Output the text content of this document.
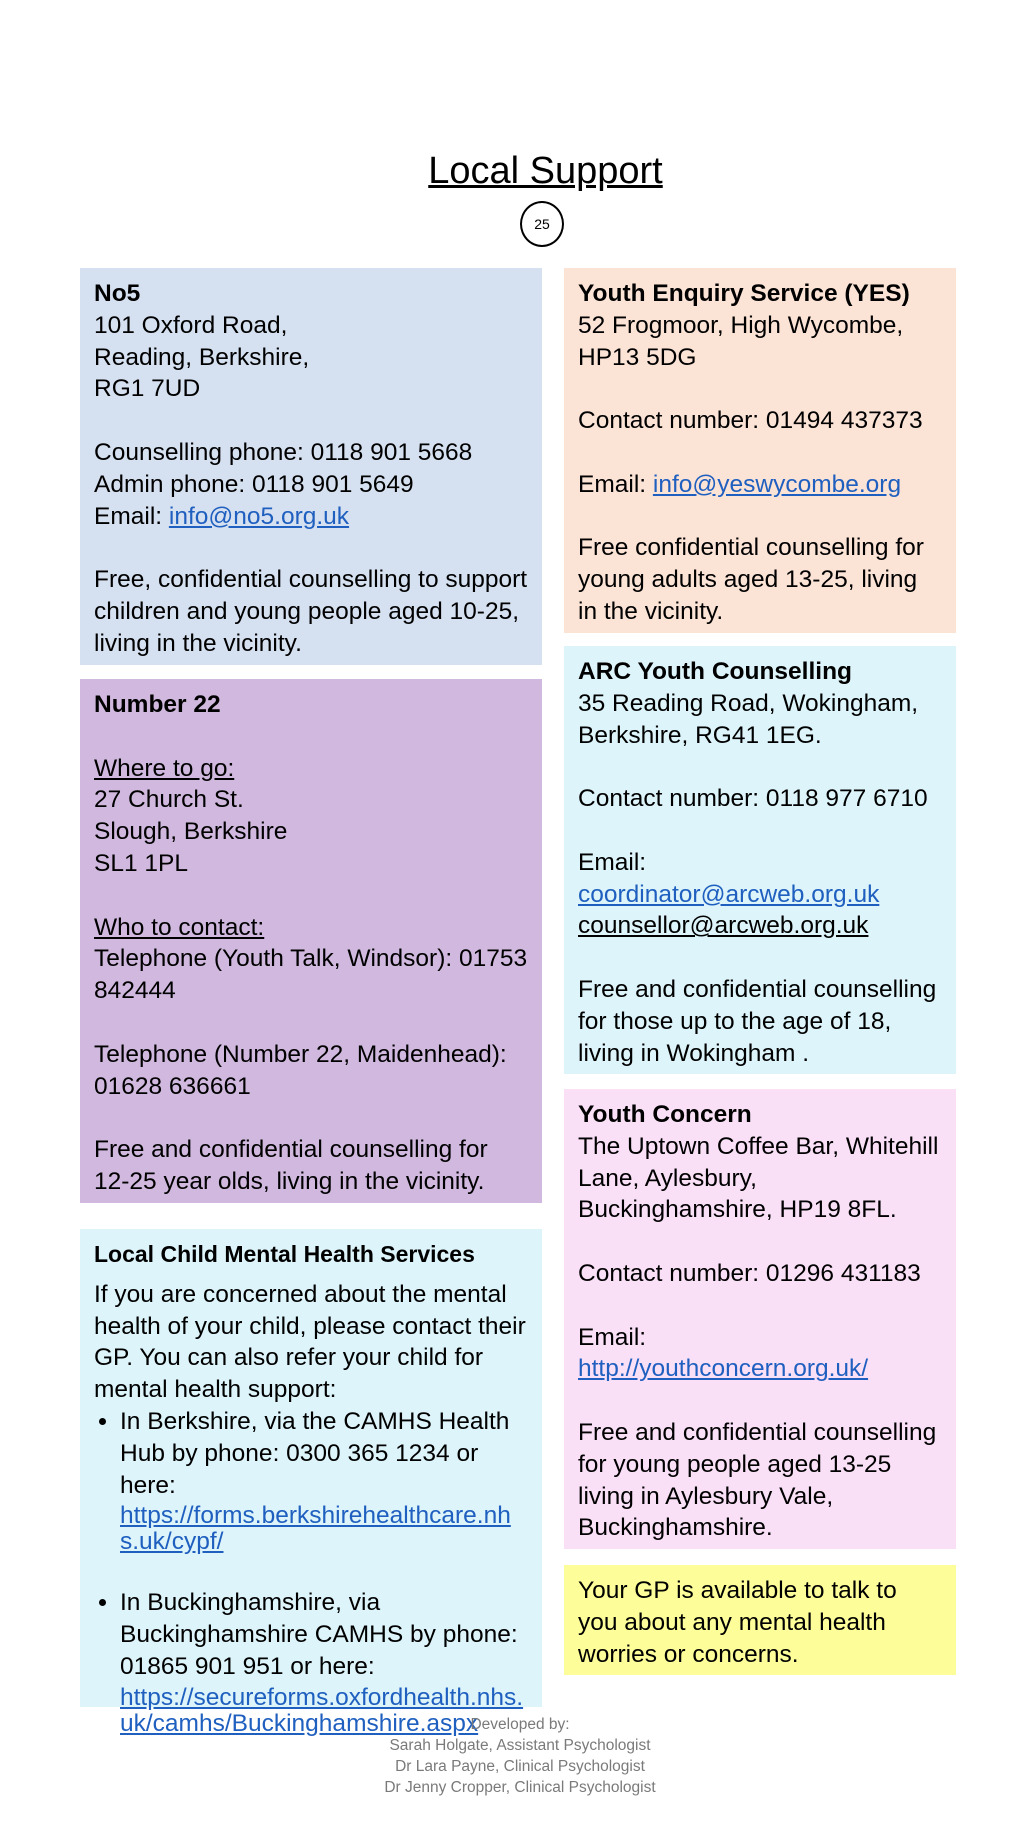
Local Support
25

No5

101 Oxford Road,

Reading, Berkshire,

RG1 7UD

Counselling phone: 0118 901 5668

Admin phone: 0118 901 5649

Email: info@no5.org.uk

Free, confidential counselling to support children and young people aged 10-25, living in the vicinity.

Youth Enquiry Service (YES)

52 Frogmoor, High Wycombe,

HP13 5DG

Contact number: 01494 437373

Email: info@yeswycombe.org

Free confidential counselling for young adults aged 13-25, living in the vicinity.

Number 22

Where to go:

27 Church St.

Slough, Berkshire

SL1 1PL

Who to contact:

Telephone (Youth Talk, Windsor): 01753 842444

Telephone (Number 22, Maidenhead): 01628 636661

Free and confidential counselling for 12-25 year olds, living in the vicinity.

ARC Youth Counselling

35 Reading Road, Wokingham, Berkshire, RG41 1EG.

Contact number: 0118 977 6710

Email:

coordinator@arcweb.org.uk

counsellor@arcweb.org.uk

Free and confidential counselling for those up to the age of 18, living in Wokingham .

Local Child Mental Health Services

If you are concerned about the mental health of your child, please contact their GP. You can also refer your child for mental health support:

• In Berkshire, via the CAMHS Health Hub by phone: 0300 365 1234 or here:
https://forms.berkshirehealthcare.nhs.uk/cypf/
• In Buckinghamshire, via Buckinghamshire CAMHS by phone: 01865 901 951 or here:
https://secureforms.oxfordhealth.nhs.uk/camhs/Buckinghamshire.aspx

Youth Concern

The Uptown Coffee Bar, Whitehill Lane, Aylesbury, Buckinghamshire, HP19 8FL.

Contact number: 01296 431183

Email:

http://youthconcern.org.uk/

Free and confidential counselling for young people aged 13-25 living in Aylesbury Vale, Buckinghamshire.

Your GP is available to talk to you about any mental health worries or concerns.

Developed by:
Sarah Holgate, Assistant Psychologist
Dr Lara Payne, Clinical Psychologist
Dr Jenny Cropper, Clinical Psychologist
